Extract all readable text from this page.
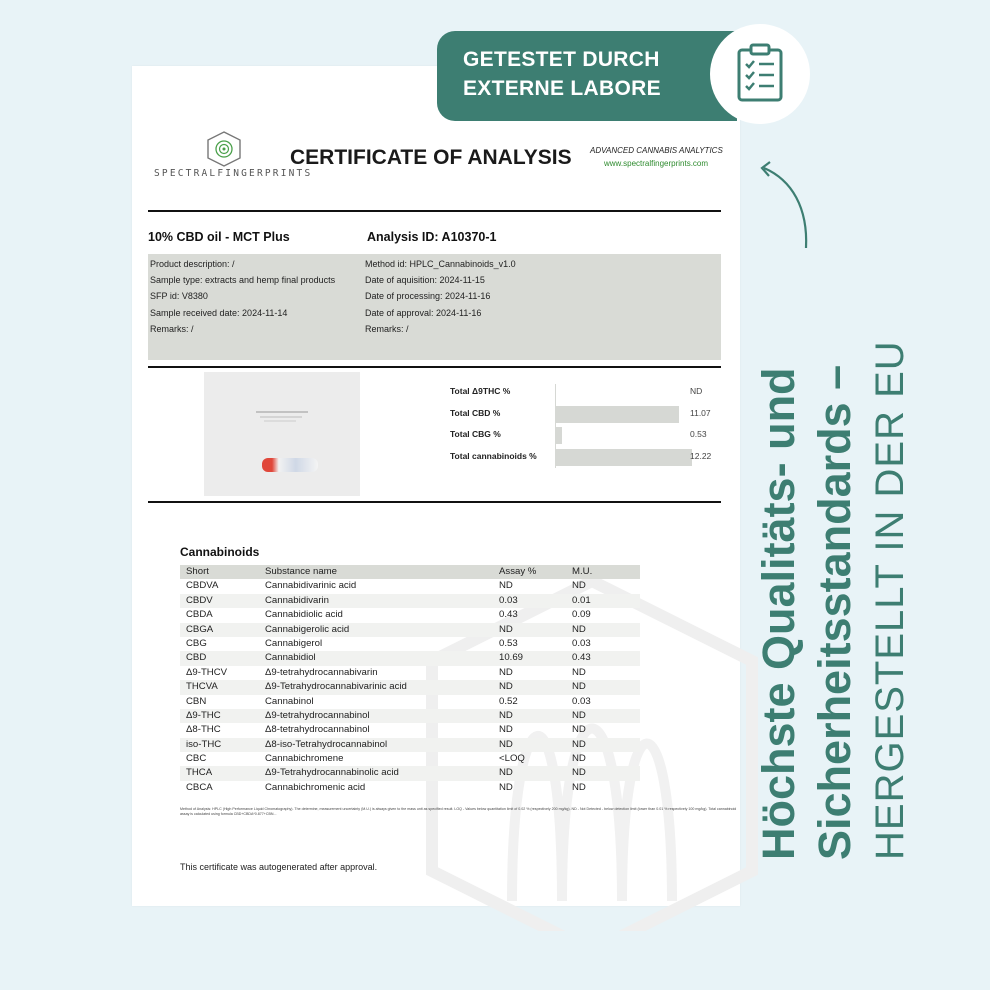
SPECTRALFINGERPRINTS
CERTIFICATE OF ANALYSIS ADVANCED CANNABIS ANALYTICS
www.spectralfingerprints.com
10% CBD oil - MCT Plus	Analysis ID: A10370-1
Product description: /
Sample type: extracts and hemp final products
SFP id: V8380
Sample received date: 2024-11-14
Remarks: /
Method id: HPLC_Cannabinoids_v1.0
Date of aquisition: 2024-11-15
Date of processing: 2024-11-16
Date of approval: 2024-11-16
Remarks: /
Total Δ9THC %	ND
Total CBD %	11.07
Total CBG %	0.53
Total cannabinoids %	12.22
Cannabinoids
Short	Substance name	Assay %	M.U.
CBDVA	Cannabidivarinic acid	ND	ND
CBDV	Cannabidivarin	0.03	0.01
CBDA	Cannabidiolic acid	0.43	0.09
CBGA	Cannabigerolic acid	ND	ND
CBG	Cannabigerol	0.53	0.03
CBD	Cannabidiol	10.69	0.43
Δ9-THCV	Δ9-tetrahydrocannabivarin	ND	ND
THCVA	Δ9-Tetrahydrocannabivarinic acid	ND	ND
CBN	Cannabinol	0.52	0.03
Δ9-THC	Δ9-tetrahydrocannabinol	ND	ND
Δ8-THC	Δ8-tetrahydrocannabinol	ND	ND
iso-THC	Δ8-iso-Tetrahydrocannabinol	ND	ND
CBC	Cannabichromene	<LOQ	ND
THCA	Δ9-Tetrahydrocannabinolic acid	ND	ND
CBCA	Cannabichromenic acid	ND	ND
Method of Analysis: HPLC (High Performance Liquid Chromatography). The determine, measurement uncertainty (M.U.) is always given to the mass unit as specified result. LOQ - Values below quantitation limit of 0.02 % (respectively 200 mg/kg). ND - Not Detected - below detection limit (lower than 0.01 % respectively 100 mg/kg). Total cannabinoid assay is calculated using formula CBD+CBDA*0.877+CBN...
This certificate was autogenerated after approval.
GETESTET DURCH
EXTERNE LABORE
Höchste Qualitäts- und Sicherheitsstandards – HERGESTELLT IN DER EU
